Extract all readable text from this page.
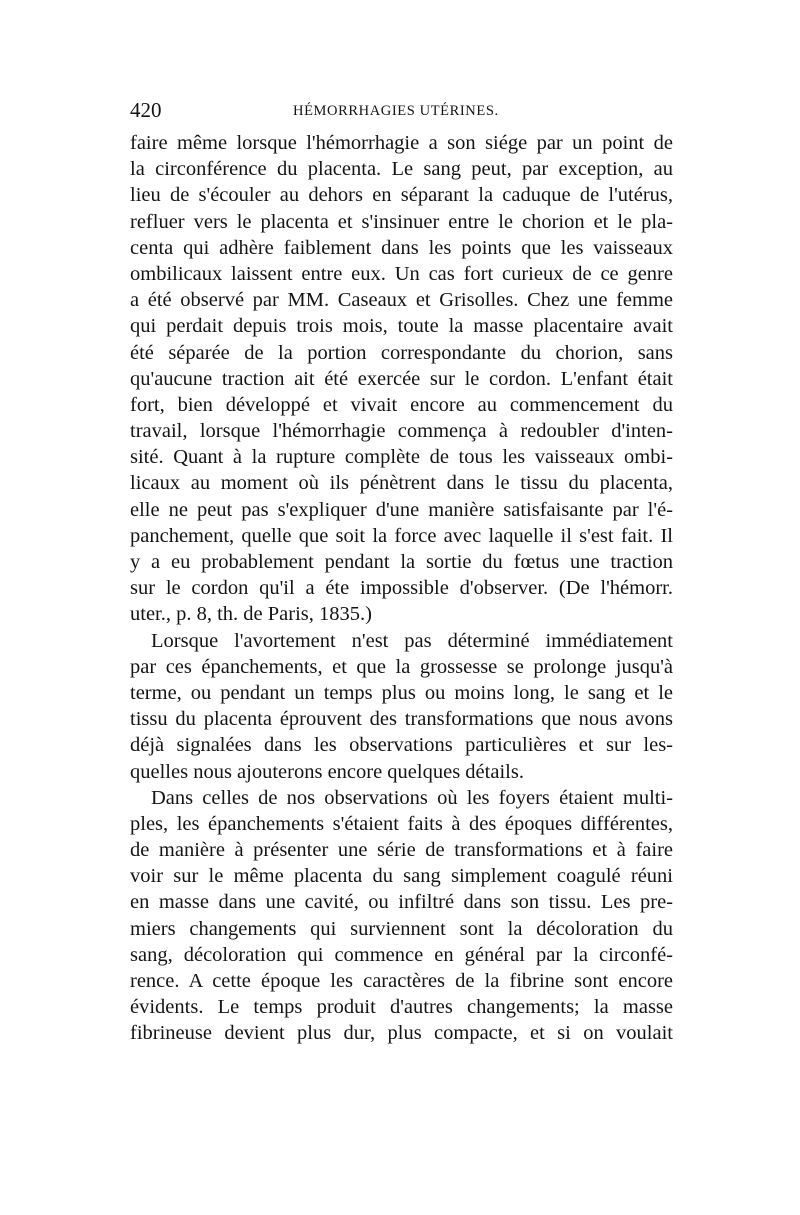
420	HÉMORRHAGIES UTÉRINES.
faire même lorsque l'hémorrhagie a son siége par un point de
la circonférence du placenta. Le sang peut, par exception, au
lieu de s'écouler au dehors en séparant la caduque de l'utérus,
refluer vers le placenta et s'insinuer entre le chorion et le pla-
centa qui adhère faiblement dans les points que les vaisseaux
ombilicaux laissent entre eux. Un cas fort curieux de ce genre
a été observé par MM. Caseaux et Grisolles. Chez une femme
qui perdait depuis trois mois, toute la masse placentaire avait
été séparée de la portion correspondante du chorion, sans
qu'aucune traction ait été exercée sur le cordon. L'enfant était
fort, bien développé et vivait encore au commencement du
travail, lorsque l'hémorrhagie commença à redoubler d'inten-
sité. Quant à la rupture complète de tous les vaisseaux ombi-
licaux au moment où ils pénètrent dans le tissu du placenta,
elle ne peut pas s'expliquer d'une manière satisfaisante par l'é-
panchement, quelle que soit la force avec laquelle il s'est fait. Il
y a eu probablement pendant la sortie du fœtus une traction
sur le cordon qu'il a éte impossible d'observer. (De l'hémorr.
uter., p. 8, th. de Paris, 1835.)
Lorsque l'avortement n'est pas déterminé immédiatement
par ces épanchements, et que la grossesse se prolonge jusqu'à
terme, ou pendant un temps plus ou moins long, le sang et le
tissu du placenta éprouvent des transformations que nous avons
déjà signalées dans les observations particulières et sur les-
quelles nous ajouterons encore quelques détails.
Dans celles de nos observations où les foyers étaient multi-
ples, les épanchements s'étaient faits à des époques différentes,
de manière à présenter une série de transformations et à faire
voir sur le même placenta du sang simplement coagulé réuni
en masse dans une cavité, ou infiltré dans son tissu. Les pre-
miers changements qui surviennent sont la décoloration du
sang, décoloration qui commence en général par la circonfé-
rence. A cette époque les caractères de la fibrine sont encore
évidents. Le temps produit d'autres changements; la masse
fibrineuse devient plus dur, plus compacte, et si on voulait
